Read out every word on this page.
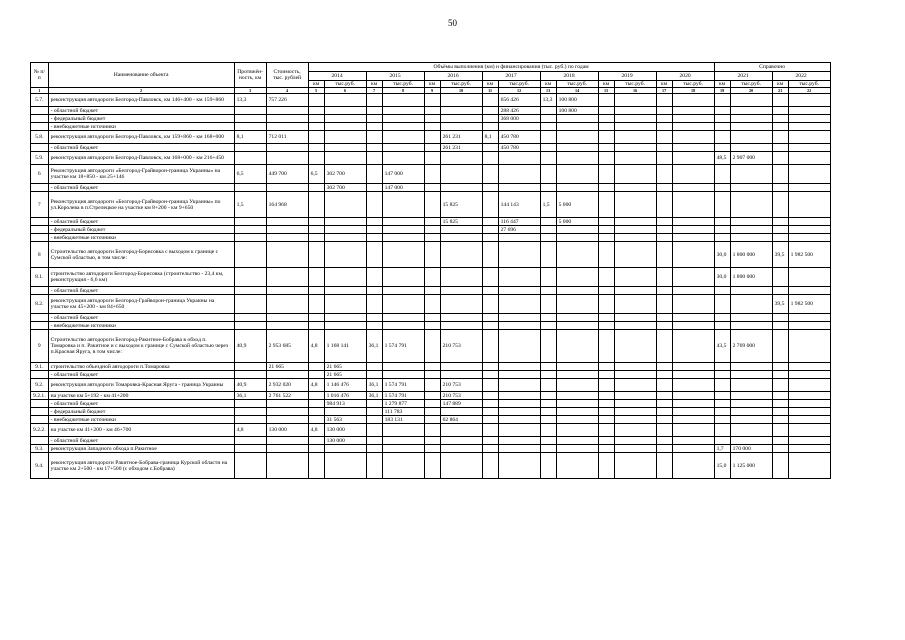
50
№ п/п	Наименование объекта	Протяжён- ность, км	Стоимость, тыс. рублей	Объёмы выполнения (км) и финансирования (тыс. руб.) по годам														Справочно			
				2014		2015		2016		2017		2018		2019		2020		2021		2022	
				км	тыс.руб.	км	тыс.руб.	км	тыс.руб.	км	тыс.руб.	км	тыс.руб.	км	тыс.руб.	км	тыс.руб.	км	тыс.руб.	км	тыс.руб.
1	2	3	4	5	6	7	8	9	10	11	12	13	14	15	16	17	18	19	20	21	22
5.7.	реконструкция автодороги Белгород-Павловск, км 146+400 - км 159+860	13,3	757 226								656 426	13,3	100 800								
	- областной бюджет										288 426		100 800								
	- федеральный бюджет										368 000										
	- внебюджетные источники																				
5.8.	реконструкция автодороги Белгород-Павловск, км 159+860 - км 168+000	8,1	712 011						261 231	8,1	450 780										
	- областной бюджет								261 231		450 780										
5.9.	реконструкция автодороги Белгород-Павловск, км 168+000 - км 216+450																	48,5	2 907 000		
6	Реконструкция автодороги «Белгород-Грайворон-граница Украины» на участке км 18+850 - км 25+146	6,5	449 700	6,5	302 700		147 000														
	- областной бюджет				302 700		147 000														
7	Реконструкция автодороги «Белгород-Грайворон-граница Украины» по ул.Королева в п.Стрелецкое на участке км 8+200 - км 9+650	1,5	164 968						15 825		144 143	1,5	5 000								
	- областной бюджет								15 825		116 447		5 000								
	- федеральный бюджет										27 696										
	- внебюджетные источники																				
8	Строительство автодороги Белгород-Борисовка с выходом к границе с Сумской областью, в том числе:																	30,0	1 800 000	39,5	1 982 500
8.1.	строительство автодороги Белгород-Борисовка (строительство - 23,4 км, реконструкция - 6,6 км)																	30,0	1 800 000		
	- областной бюджет																				
8.2.	реконструкция автодороги Белгород-Грайворон-граница Украины на участке км 45+200 - км 84+650																			39,5	1 982 500
	- областной бюджет																				
	- внебюджетные источники																				
9	Строительство автодороги Белгород-Ракитное-Бобрава в обход п. Томаровка и п. Ракитное и с выходом к границе с Сумской областью через п.Красная Яруга, в том числе:	40,9	2 953 685	4,8	1 168 141	36,1	1 574 791		210 753									43,5	2 769 000		
9.1.	строительство объездной автодороги п.Томаровка		21 665		21 665																
	- областной бюджет				21 665																
9.2.	реконструкция автодороги Томаровка-Красная Яруга - граница Украины	40,9	2 932 020	4,8	1 146 476	36,1	1 574 791		210 753												
9.2.1.	на участке км 5+192 - км 41+200	36,1	2 761 522		1 016 476	36,1	1 574 791		210 753												
	- областной бюджет				984 913		1 279 877		147 889												
	- федеральный бюджет						111 783														
	- внебюджетные источники				31 563		183 131		62 864												
9.2.2.	на участке км 41+200 - км 46+700	4,8	130 000	4,8	130 000																
	- областной бюджет				130 000																
9.3.	реконструкция Западного обхода п.Ракитное																	1,7	170 000		
9.4.	реконструкция автодороги Ракитное-Бобрава-граница Курской области на участке км 2+500 - км 17+500 (с обходом с.Бобрава)																	15,0	1 125 000		
